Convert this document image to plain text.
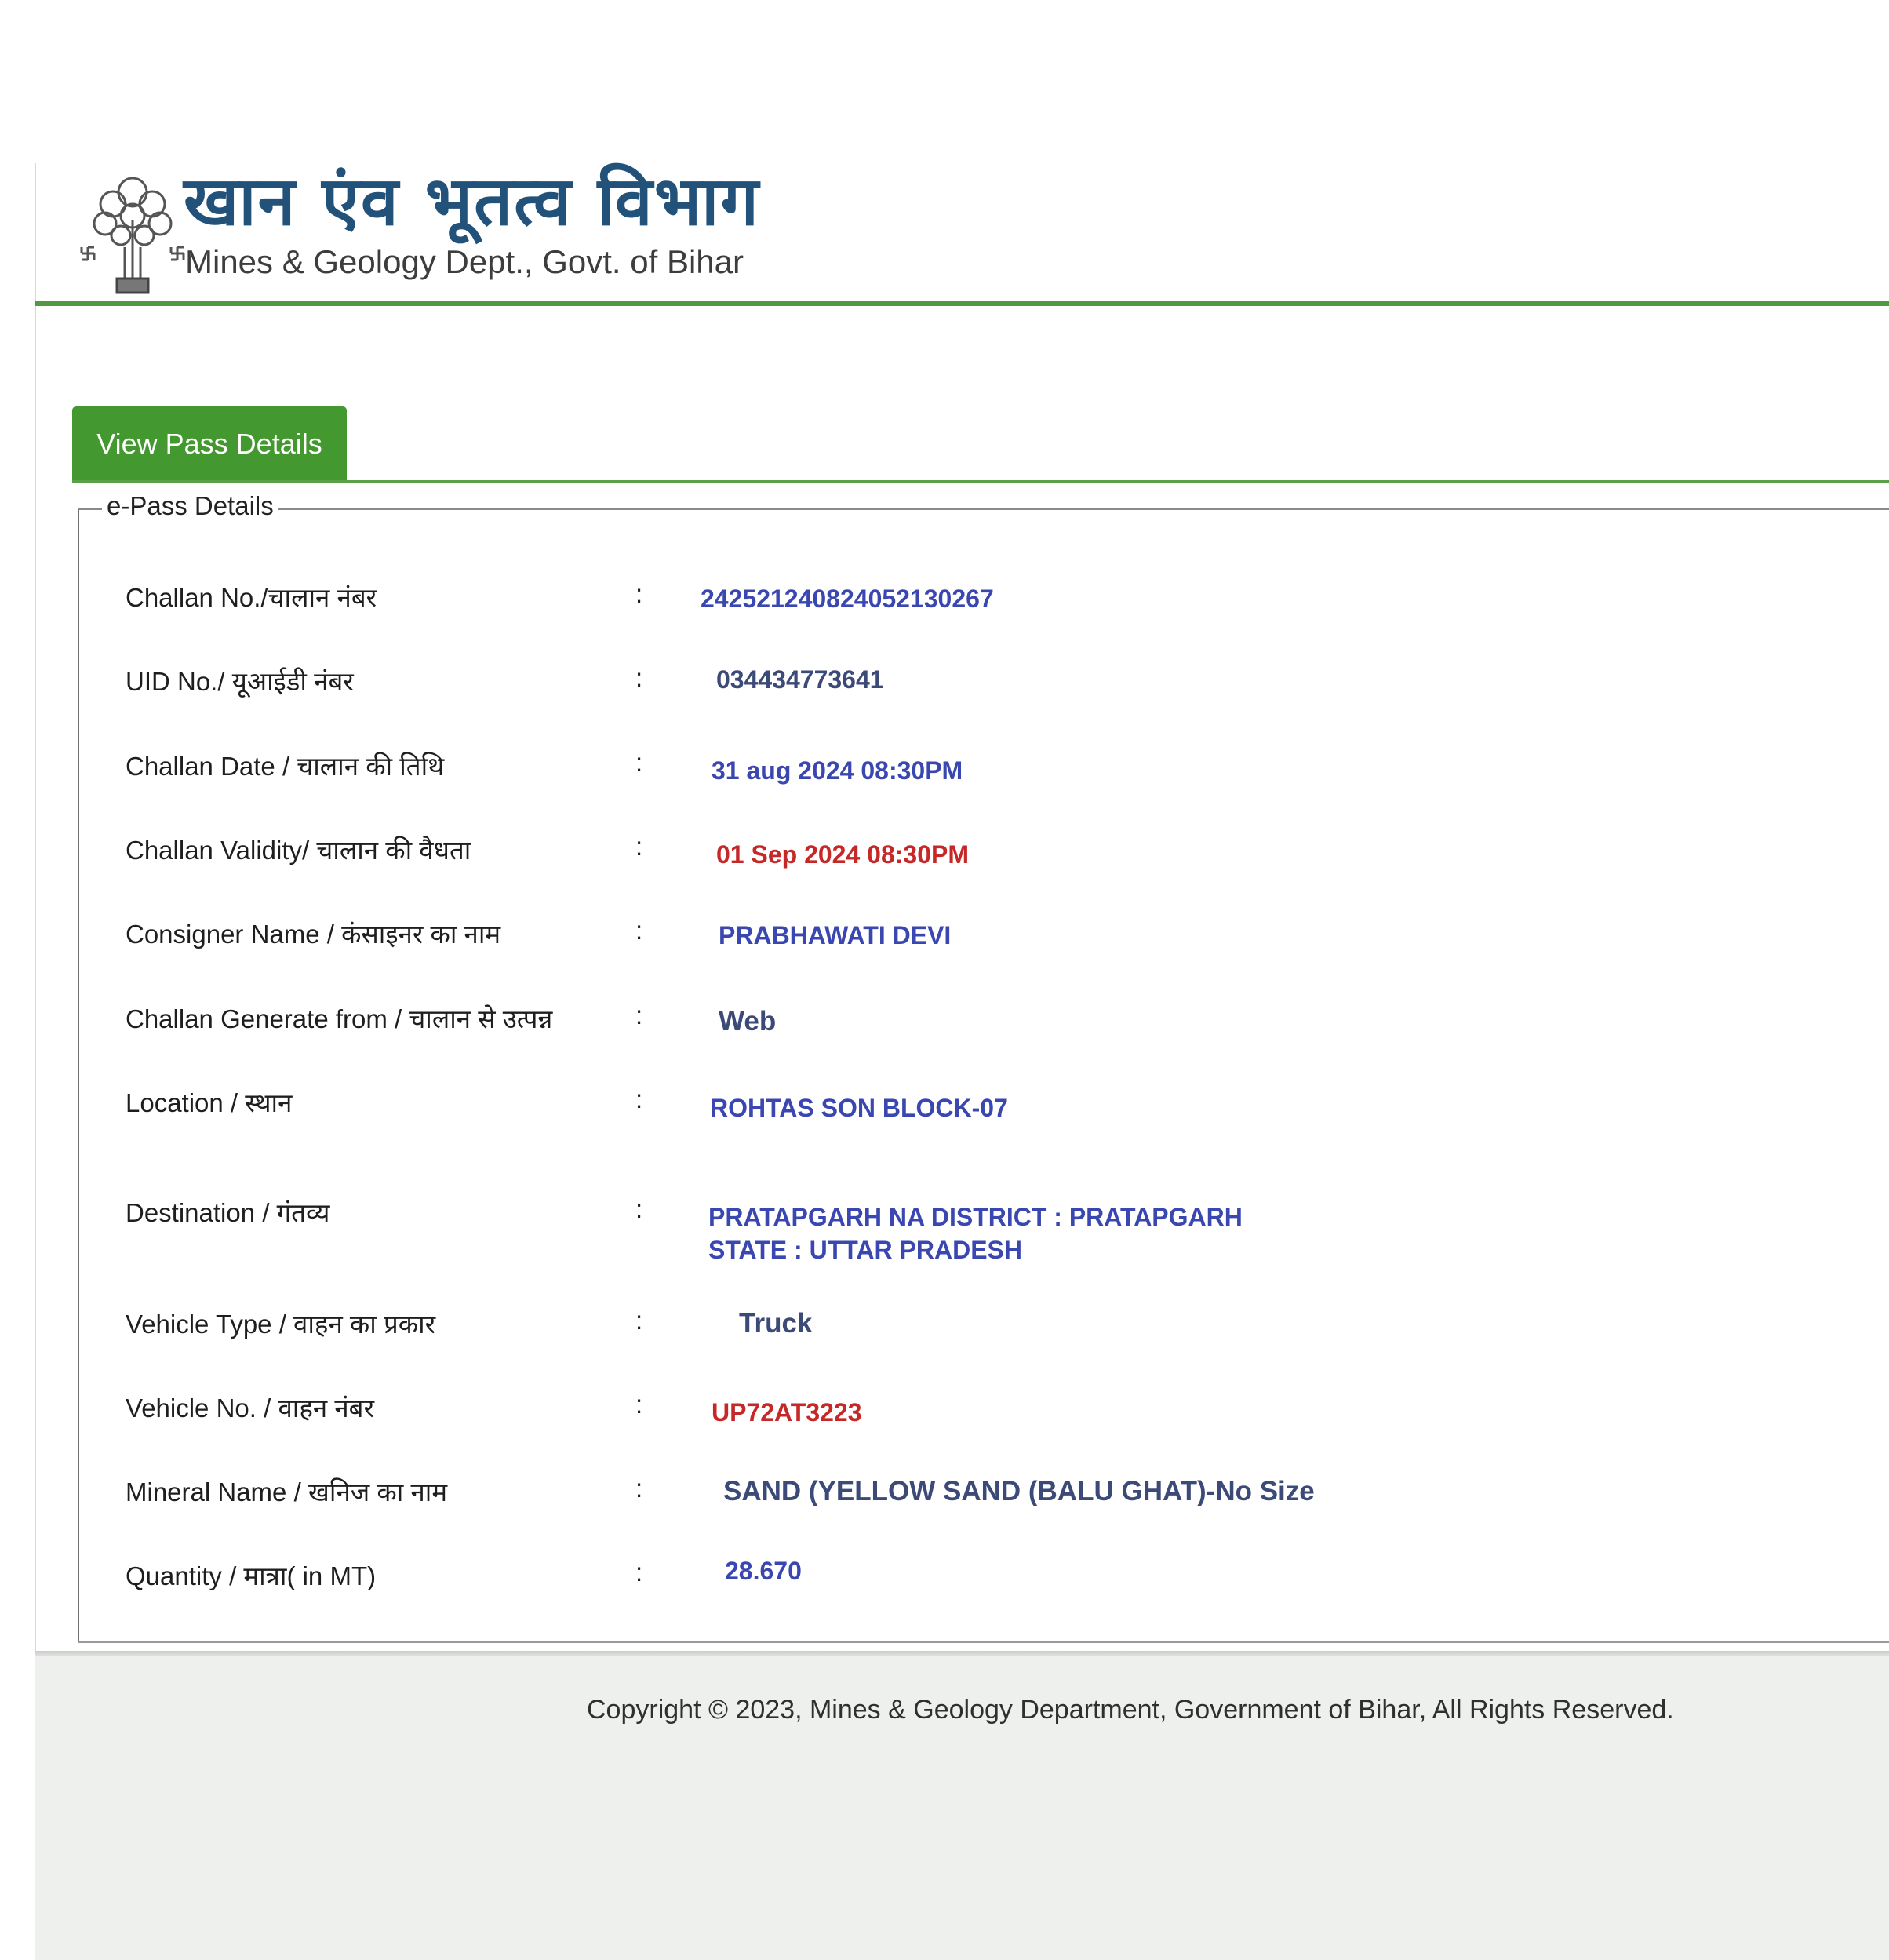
खान एंव भूतत्व विभाग
Mines & Geology Dept., Govt. of Bihar
View Pass Details
e-Pass Details
Challan No./चालान नंबर	: 242521240824052130267
UID No./ यूआईडी नंबर	:	034434773641
Challan Date / चालान की तिथि	:	31 aug 2024 08:30PM
Challan Validity/ चालान की वैधता	:	01 Sep 2024 08:30PM
Consigner Name / कंसाइनर का नाम	:	PRABHAWATI DEVI
Challan Generate from / चालान से उत्पन्न	:	Web
Location / स्थान	:	ROHTAS SON BLOCK-07
Destination / गंतव्य	:	PRATAPGARH NA DISTRICT : PRATAPGARH
STATE : UTTAR PRADESH
Vehicle Type / वाहन का प्रकार	:	Truck
Vehicle No. / वाहन नंबर	:	UP72AT3223
Mineral Name / खनिज का नाम	:	SAND (YELLOW SAND (BALU GHAT)-No Size
Quantity / मात्रा( in MT)	:	28.670
Copyright © 2023, Mines & Geology Department, Government of Bihar, All Rights Reserved.
